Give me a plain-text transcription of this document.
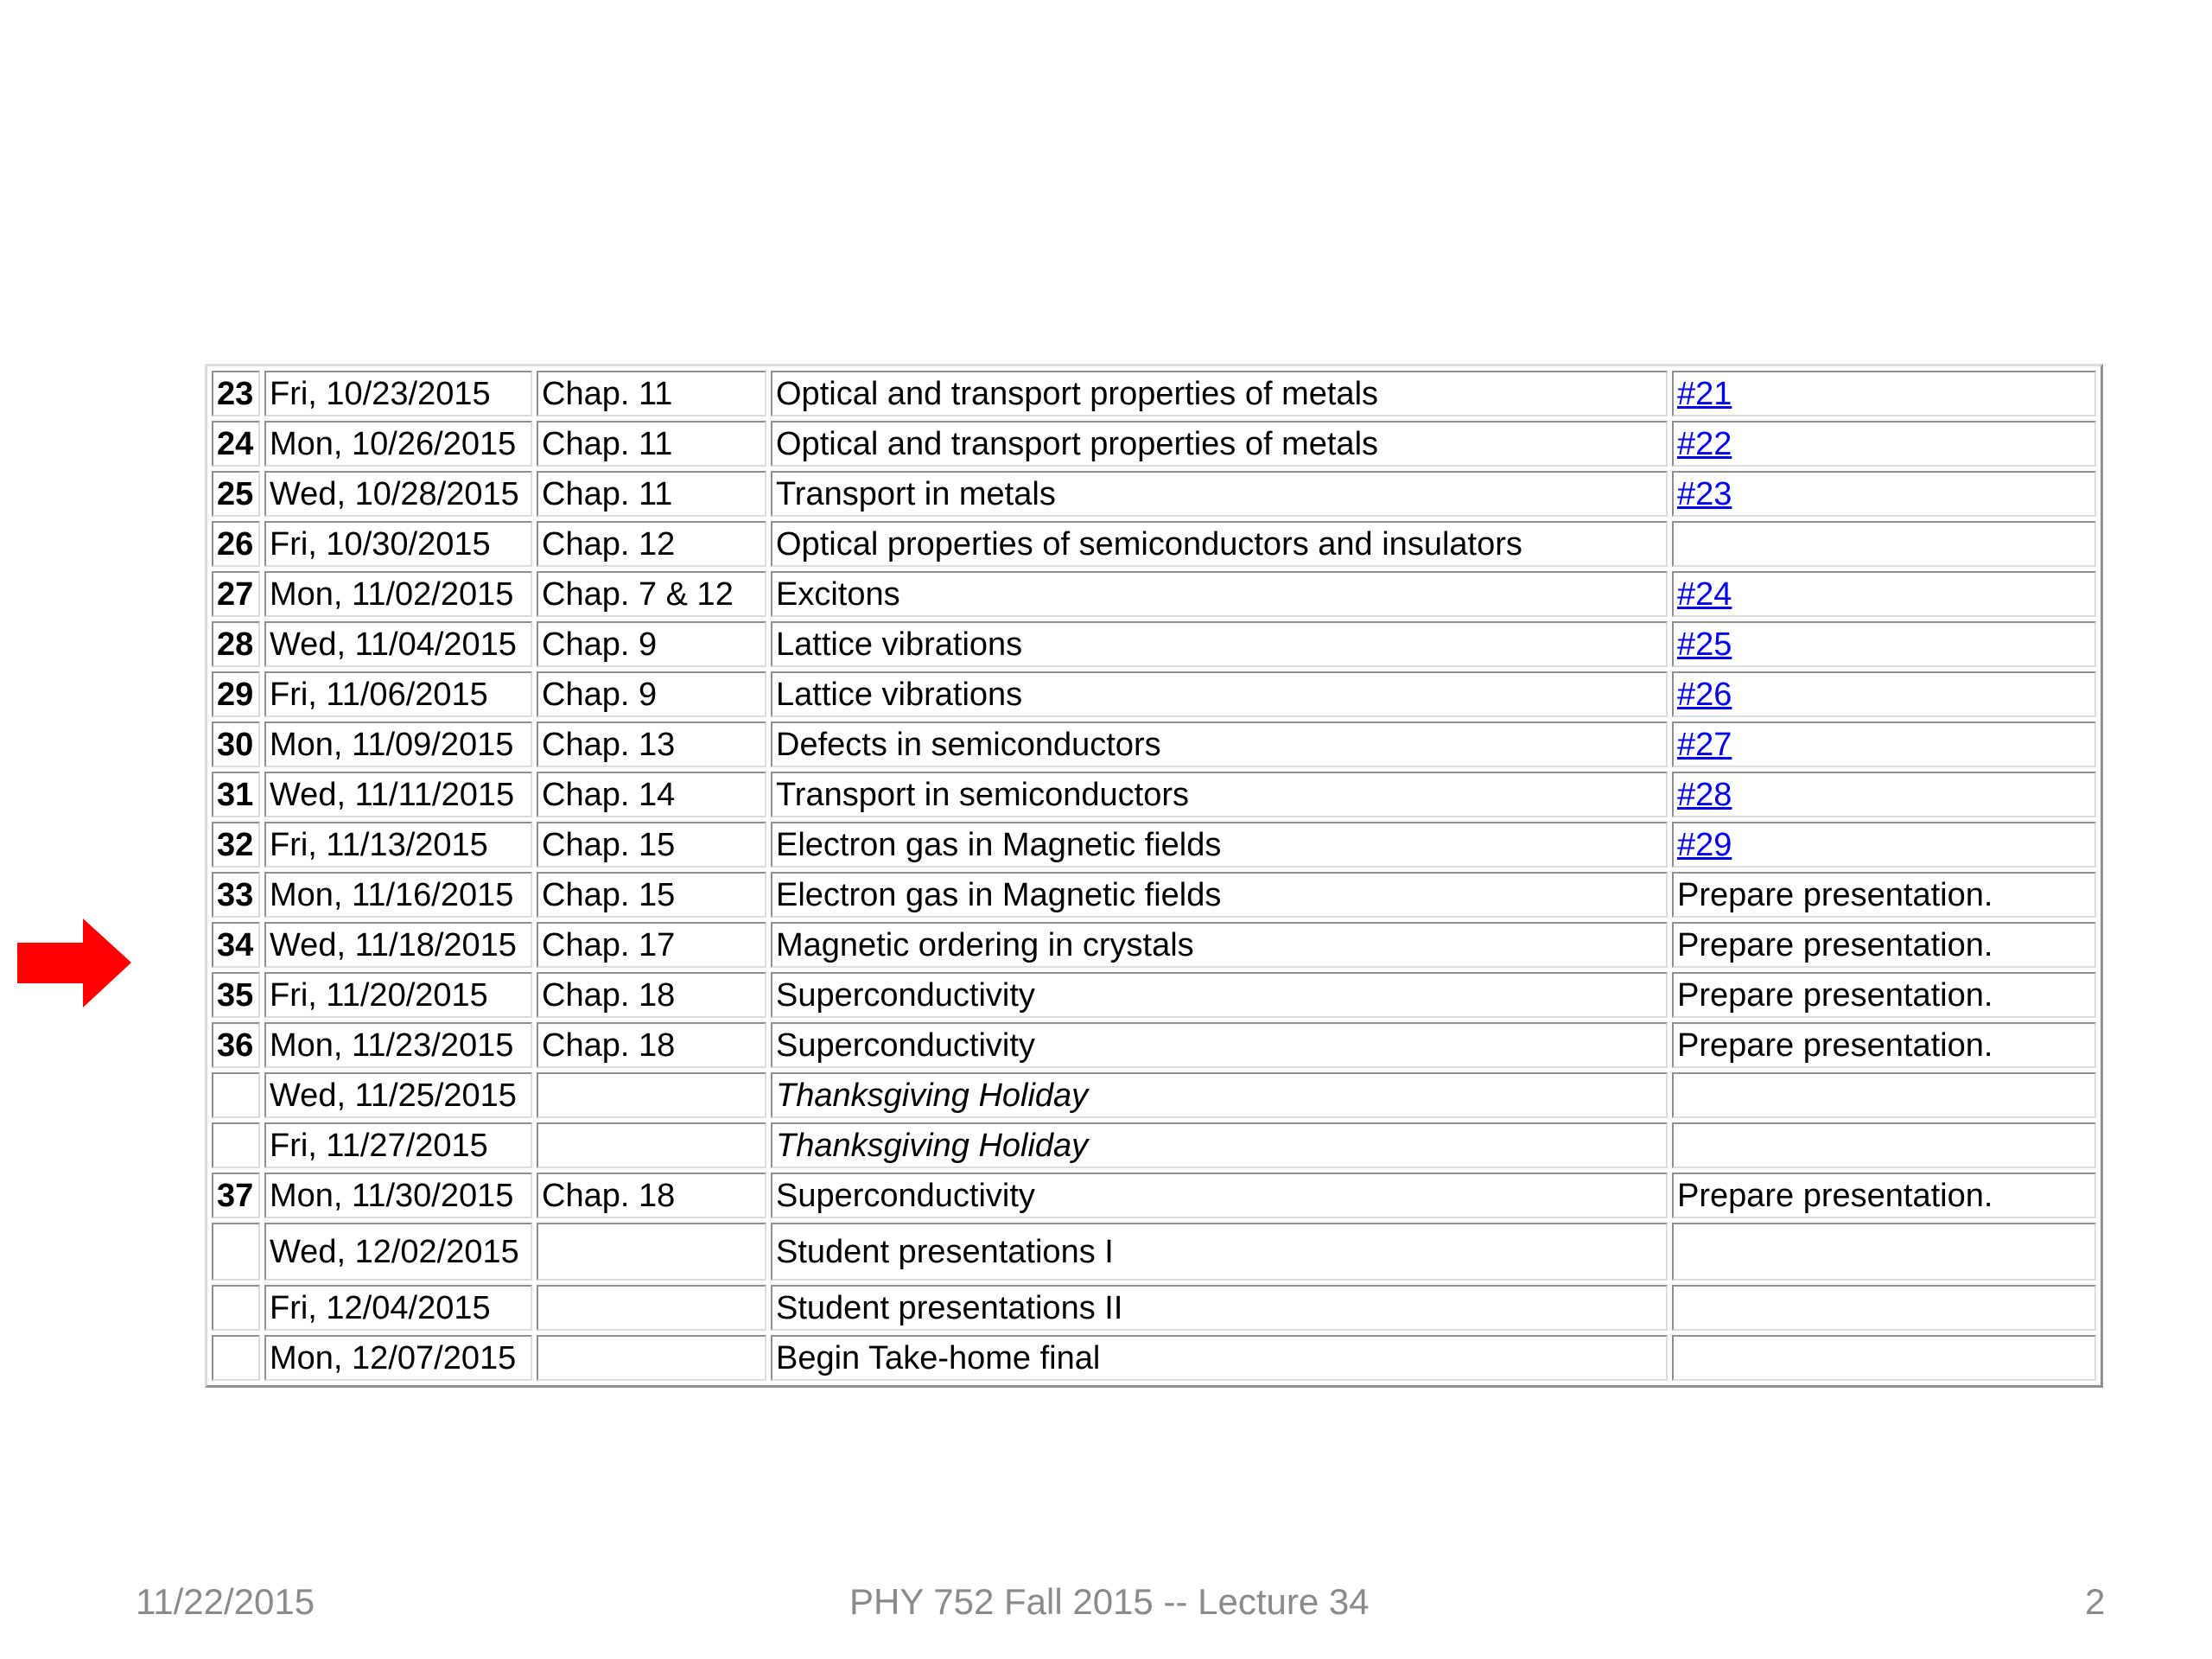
23	Fri, 10/23/2015	Chap. 11	Optical and transport properties of metals	#21
24	Mon, 10/26/2015	Chap. 11	Optical and transport properties of metals	#22
25	Wed, 10/28/2015	Chap. 11	Transport in metals	#23
26	Fri, 10/30/2015	Chap. 12	Optical properties of semiconductors and insulators	
27	Mon, 11/02/2015	Chap. 7 & 12	Excitons	#24
28	Wed, 11/04/2015	Chap. 9	Lattice vibrations	#25
29	Fri, 11/06/2015	Chap. 9	Lattice vibrations	#26
30	Mon, 11/09/2015	Chap. 13	Defects in semiconductors	#27
31	Wed, 11/11/2015	Chap. 14	Transport in semiconductors	#28
32	Fri, 11/13/2015	Chap. 15	Electron gas in Magnetic fields	#29
33	Mon, 11/16/2015	Chap. 15	Electron gas in Magnetic fields	Prepare presentation.
34	Wed, 11/18/2015	Chap. 17	Magnetic ordering in crystals	Prepare presentation.
35	Fri, 11/20/2015	Chap. 18	Superconductivity	Prepare presentation.
36	Mon, 11/23/2015	Chap. 18	Superconductivity	Prepare presentation.
	Wed, 11/25/2015		Thanksgiving Holiday	
	Fri, 11/27/2015		Thanksgiving Holiday	
37	Mon, 11/30/2015	Chap. 18	Superconductivity	Prepare presentation.
	Wed, 12/02/2015		Student presentations I	
	Fri, 12/04/2015		Student presentations II	
	Mon, 12/07/2015		Begin Take-home final	
11/22/2015	PHY 752 Fall 2015 -- Lecture 34	2
